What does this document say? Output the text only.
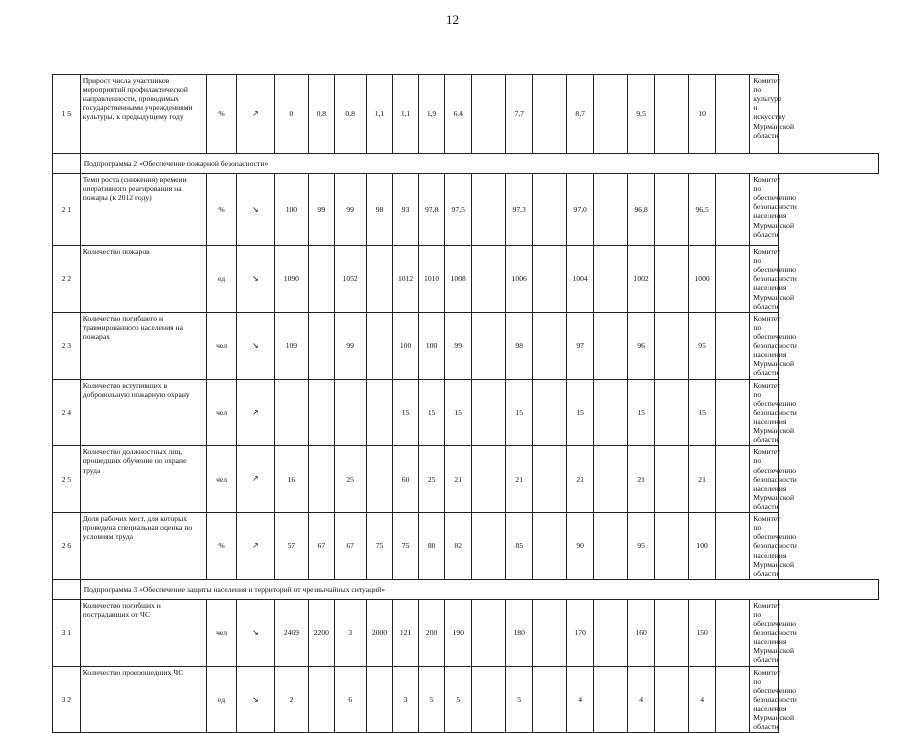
12
1 5	Прирост числа участников мероприятий профилактической направленности, проводимых государственными учреждениями культуры, к предыдущему году	%	↗	0	0,8	0,8	1,1	1,1	1,9	6,4		7,7		8,7		9,5		10		Комитет по культуре и искусству Мурманской области
	Подпрограмма 2 «Обеспечение пожарной безопасности»																			
2 1	Темп роста (снижения) времени оперативного реагирования на пожары (к 2012 году)	%	↘	100	99	99	98	93	97,8	97,5		97,3		97,0		96,8		96,5		Комитет по обеспечению безопасности населения Мурманской области
2 2	Количество пожаров	ед	↘	1090		1052		1012	1010	1008		1006		1004		1002		1000		Комитет по обеспечению безопасности населения Мурманской области
2 3	Количество погибшего и травмированного населения на пожарах	чел	↘	109		99		100	100	99		98		97		96		95		Комитет по обеспечению безопасности населения Мурманской области
2 4	Количество вступивших в добровольную пожарную охрану	чел	↗					15	15	15		15		15		15		15		Комитет по обеспечению безопасности населения Мурманской области
2 5	Количество должностных лиц, прошедших обучение по охране труда	чел	↗	16		25		60	25	21		21		21		21		21		Комитет по обеспечению безопасности населения Мурманской области
2 6	Доля рабочих мест, для которых проведена специальная оценка по условиям труда	%	↗	57	67	67	75	75	80	82		85		90		95		100		Комитет по обеспечению безопасности населения Мурманской области
	Подпрограмма 3 «Обеспечение защиты населения и территорий от чрезвычайных ситуаций»																			
3 1	Количество погибших и пострадавших от ЧС	чел	↘	2469	2200	3	2000	121	200	190		180		170		160		150		Комитет по обеспечению безопасности населения Мурманской области
3 2	Количество произошедших ЧС	ед	↘	2		6		3	5	5		5		4		4		4		Комитет по обеспечению безопасности населения Мурманской области
